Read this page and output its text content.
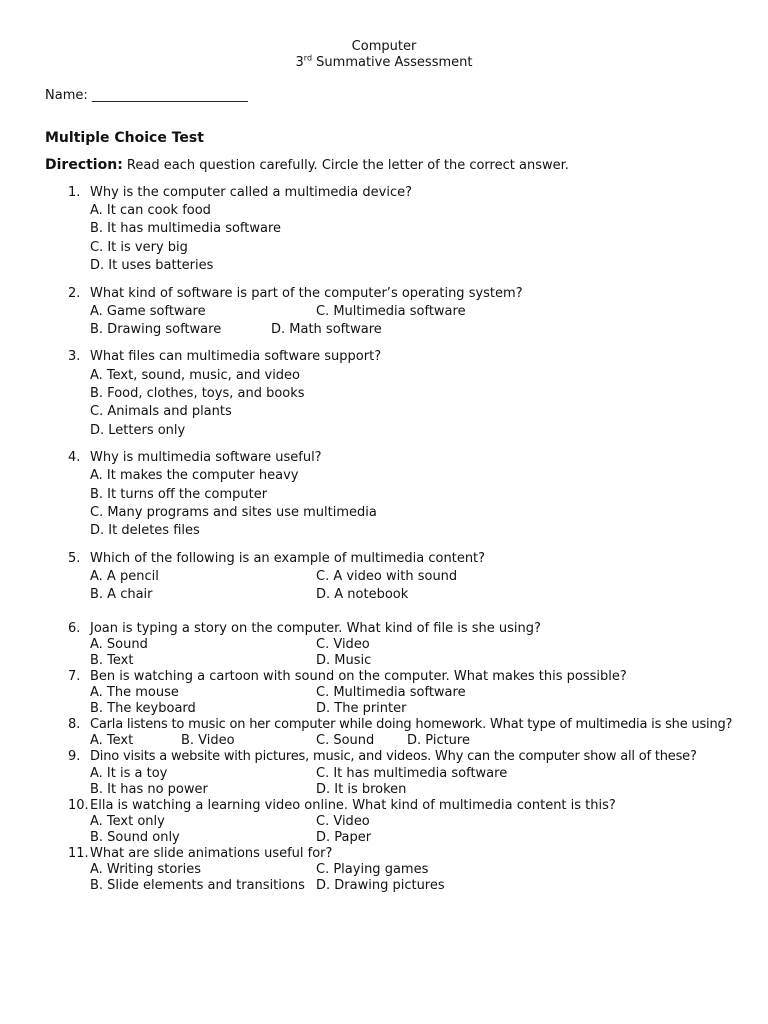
Computer
3rd Summative Assessment
Name: ________________________
Multiple Choice Test
Direction: Read each question carefully. Circle the letter of the correct answer.
1. Why is the computer called a multimedia device?
A. It can cook food
B. It has multimedia software
C. It is very big
D. It uses batteries
2. What kind of software is part of the computer’s operating system?
A. Game software	C. Multimedia software
B. Drawing software	D. Math software
3. What files can multimedia software support?
A. Text, sound, music, and video
B. Food, clothes, toys, and books
C. Animals and plants
D. Letters only
4. Why is multimedia software useful?
A. It makes the computer heavy
B. It turns off the computer
C. Many programs and sites use multimedia
D. It deletes files
5. Which of the following is an example of multimedia content?
A. A pencil	C. A video with sound
B. A chair	D. A notebook
6. Joan is typing a story on the computer. What kind of file is she using?
A. Sound	C. Video
B. Text	D. Music
7. Ben is watching a cartoon with sound on the computer. What makes this possible?
A. The mouse	C. Multimedia software
B. The keyboard	D. The printer
8. Carla listens to music on her computer while doing homework. What type of multimedia is she using?
A. Text	B. Video	C. Sound	D. Picture
9. Dino visits a website with pictures, music, and videos. Why can the computer show all of these?
A. It is a toy	C. It has multimedia software
B. It has no power	D. It is broken
10. Ella is watching a learning video online. What kind of multimedia content is this?
A. Text only	C. Video
B. Sound only	D. Paper
11. What are slide animations useful for?
A. Writing stories	C. Playing games
B. Slide elements and transitions D. Drawing pictures
